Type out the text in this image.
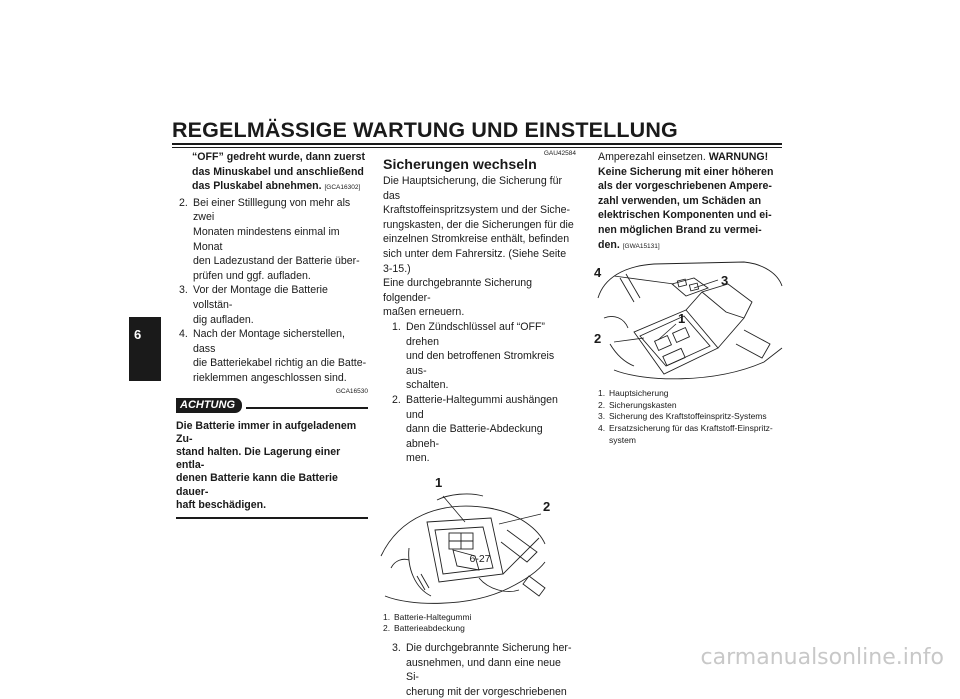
REGELMÄSSIGE WARTUNG UND EINSTELLUNG
6
“OFF” gedreht wurde, dann zuerst
das Minuskabel und anschließend
das Pluskabel abnehmen. [GCA16302]
2. Bei einer Stilllegung von mehr als zwei
Monaten mindestens einmal im Monat
den Ladezustand der Batterie über-
prüfen und ggf. aufladen.
3. Vor der Montage die Batterie vollstän-
dig aufladen.
4. Nach der Montage sicherstellen, dass
die Batteriekabel richtig an die Batte-
rieklemmen angeschlossen sind.
GCA16530
ACHTUNG
Die Batterie immer in aufgeladenem Zu-
stand halten. Die Lagerung einer entla-
denen Batterie kann die Batterie dauer-
haft beschädigen.
GAU42584
Sicherungen wechseln
Die Hauptsicherung, die Sicherung für das
Kraftstoffeinspritzsystem und der Siche-
rungskasten, der die Sicherungen für die
einzelnen Stromkreise enthält, befinden
sich unter dem Fahrersitz. (Siehe Seite
3-15.)
Eine durchgebrannte Sicherung folgender-
maßen erneuern.
1. Den Zündschlüssel auf “OFF” drehen
und den betroffenen Stromkreis aus-
schalten.
2. Batterie-Haltegummi aushängen und
dann die Batterie-Abdeckung abneh-
men.
1
2
1. Batterie-Haltegummi
2. Batterieabdeckung
3. Die durchgebrannte Sicherung her-
ausnehmen, und dann eine neue Si-
cherung mit der vorgeschriebenen
Amperezahl einsetzen. WARNUNG!
Keine Sicherung mit einer höheren
als der vorgeschriebenen Ampere-
zahl verwenden, um Schäden an
elektrischen Komponenten und ei-
nen möglichen Brand zu vermei-
den. [GWA15131]
4
3
1
2
1. Hauptsicherung
2. Sicherungskasten
3. Sicherung des Kraftstoffeinspritz-Systems
4. Ersatzsicherung für das Kraftstoff-Einspritz-
system
6-27
carmanualsonline.info
